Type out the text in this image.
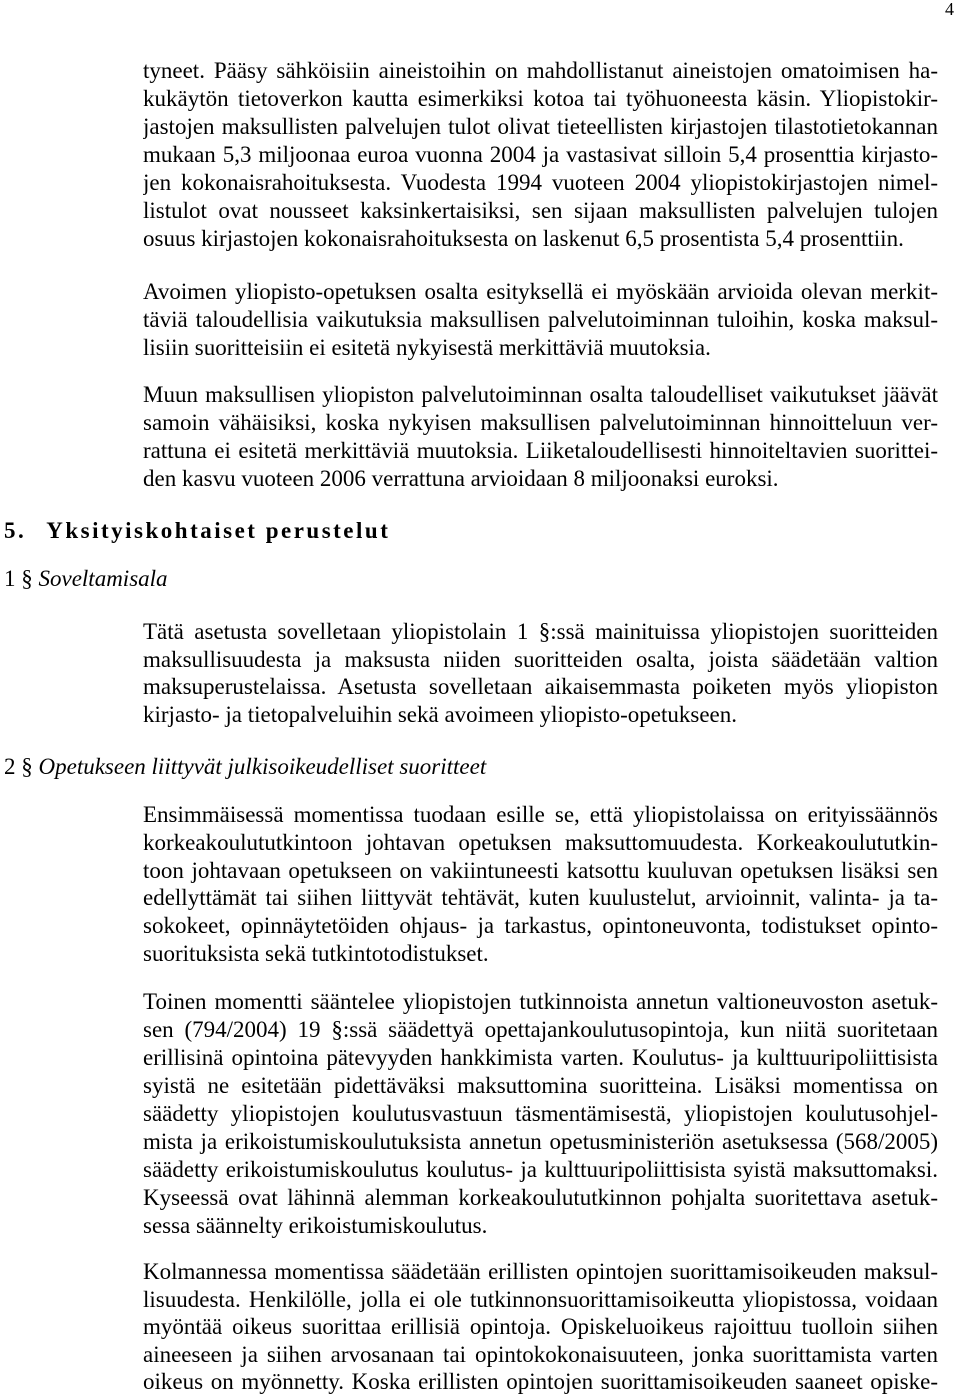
4
tyneet. Pääsy sähköisiin aineistoihin on mahdollistanut aineistojen omatoimisen ha-
kukäytön tietoverkon kautta esimerkiksi kotoa tai työhuoneesta käsin. Yliopistokir-
jastojen maksullisten palvelujen tulot olivat tieteellisten kirjastojen tilastotietokannan
mukaan 5,3 miljoonaa euroa vuonna 2004 ja vastasivat silloin 5,4 prosenttia kirjasto-
jen kokonaisrahoituksesta. Vuodesta 1994 vuoteen 2004 yliopistokirjastojen nimel-
listulot ovat nousseet kaksinkertaisiksi, sen sijaan maksullisten palvelujen tulojen
osuus kirjastojen kokonaisrahoituksesta on laskenut 6,5 prosentista 5,4 prosenttiin.
Avoimen yliopisto-opetuksen osalta esityksellä ei myöskään arvioida olevan merkit-
täviä taloudellisia vaikutuksia maksullisen palvelutoiminnan tuloihin, koska maksul-
lisiin suoritteisiin ei esitetä nykyisestä merkittäviä muutoksia.
Muun maksullisen yliopiston palvelutoiminnan osalta taloudelliset vaikutukset jäävät
samoin vähäisiksi, koska nykyisen maksullisen palvelutoiminnan hinnoitteluun ver-
rattuna ei esitetä merkittäviä muutoksia. Liiketaloudellisesti hinnoiteltavien suorittei-
den kasvu vuoteen 2006 verrattuna arvioidaan 8 miljoonaksi euroksi.
5. Yksityiskohtaiset perustelut
1 § Soveltamisala
Tätä asetusta sovelletaan yliopistolain 1 §:ssä mainituissa yliopistojen suoritteiden
maksullisuudesta ja maksusta niiden suoritteiden osalta, joista säädetään valtion
maksuperustelaissa. Asetusta sovelletaan aikaisemmasta poiketen myös yliopiston
kirjasto- ja tietopalveluihin sekä avoimeen yliopisto-opetukseen.
2 § Opetukseen liittyvät julkisoikeudelliset suoritteet
Ensimmäisessä momentissa tuodaan esille se, että yliopistolaissa on erityissäännös
korkeakoulututkintoon johtavan opetuksen maksuttomuudesta. Korkeakoulututkin-
toon johtavaan opetukseen on vakiintuneesti katsottu kuuluvan opetuksen lisäksi sen
edellyttämät tai siihen liittyvät tehtävät, kuten kuulustelut, arvioinnit, valinta- ja ta-
sokokeet, opinnäytetöiden ohjaus- ja tarkastus, opintoneuvonta, todistukset opinto-
suorituksista sekä tutkintotodistukset.
Toinen momentti sääntelee yliopistojen tutkinnoista annetun valtioneuvoston asetuk-
sen (794/2004) 19 §:ssä säädettyä opettajankoulutusopintoja, kun niitä suoritetaan
erillisinä opintoina pätevyyden hankkimista varten. Koulutus- ja kulttuuripoliittisista
syistä ne esitetään pidettäväksi maksuttomina suoritteina. Lisäksi momentissa on
säädetty yliopistojen koulutusvastuun täsmentämisestä, yliopistojen koulutusohjel-
mista ja erikoistumiskoulutuksista annetun opetusministeriön asetuksessa (568/2005)
säädetty erikoistumiskoulutus koulutus- ja kulttuuripoliittisista syistä maksuttomaksi.
Kyseessä ovat lähinnä alemman korkeakoulututkinnon pohjalta suoritettava asetuk-
sessa säännelty erikoistumiskoulutus.
Kolmannessa momentissa säädetään erillisten opintojen suorittamisoikeuden maksul-
lisuudesta. Henkilölle, jolla ei ole tutkinnonsuorittamisoikeutta yliopistossa, voidaan
myöntää oikeus suorittaa erillisiä opintoja. Opiskeluoikeus rajoittuu tuolloin siihen
aineeseen ja siihen arvosanaan tai opintokokonaisuuteen, jonka suorittamista varten
oikeus on myönnetty. Koska erillisten opintojen suorittamisoikeuden saaneet opiske-
